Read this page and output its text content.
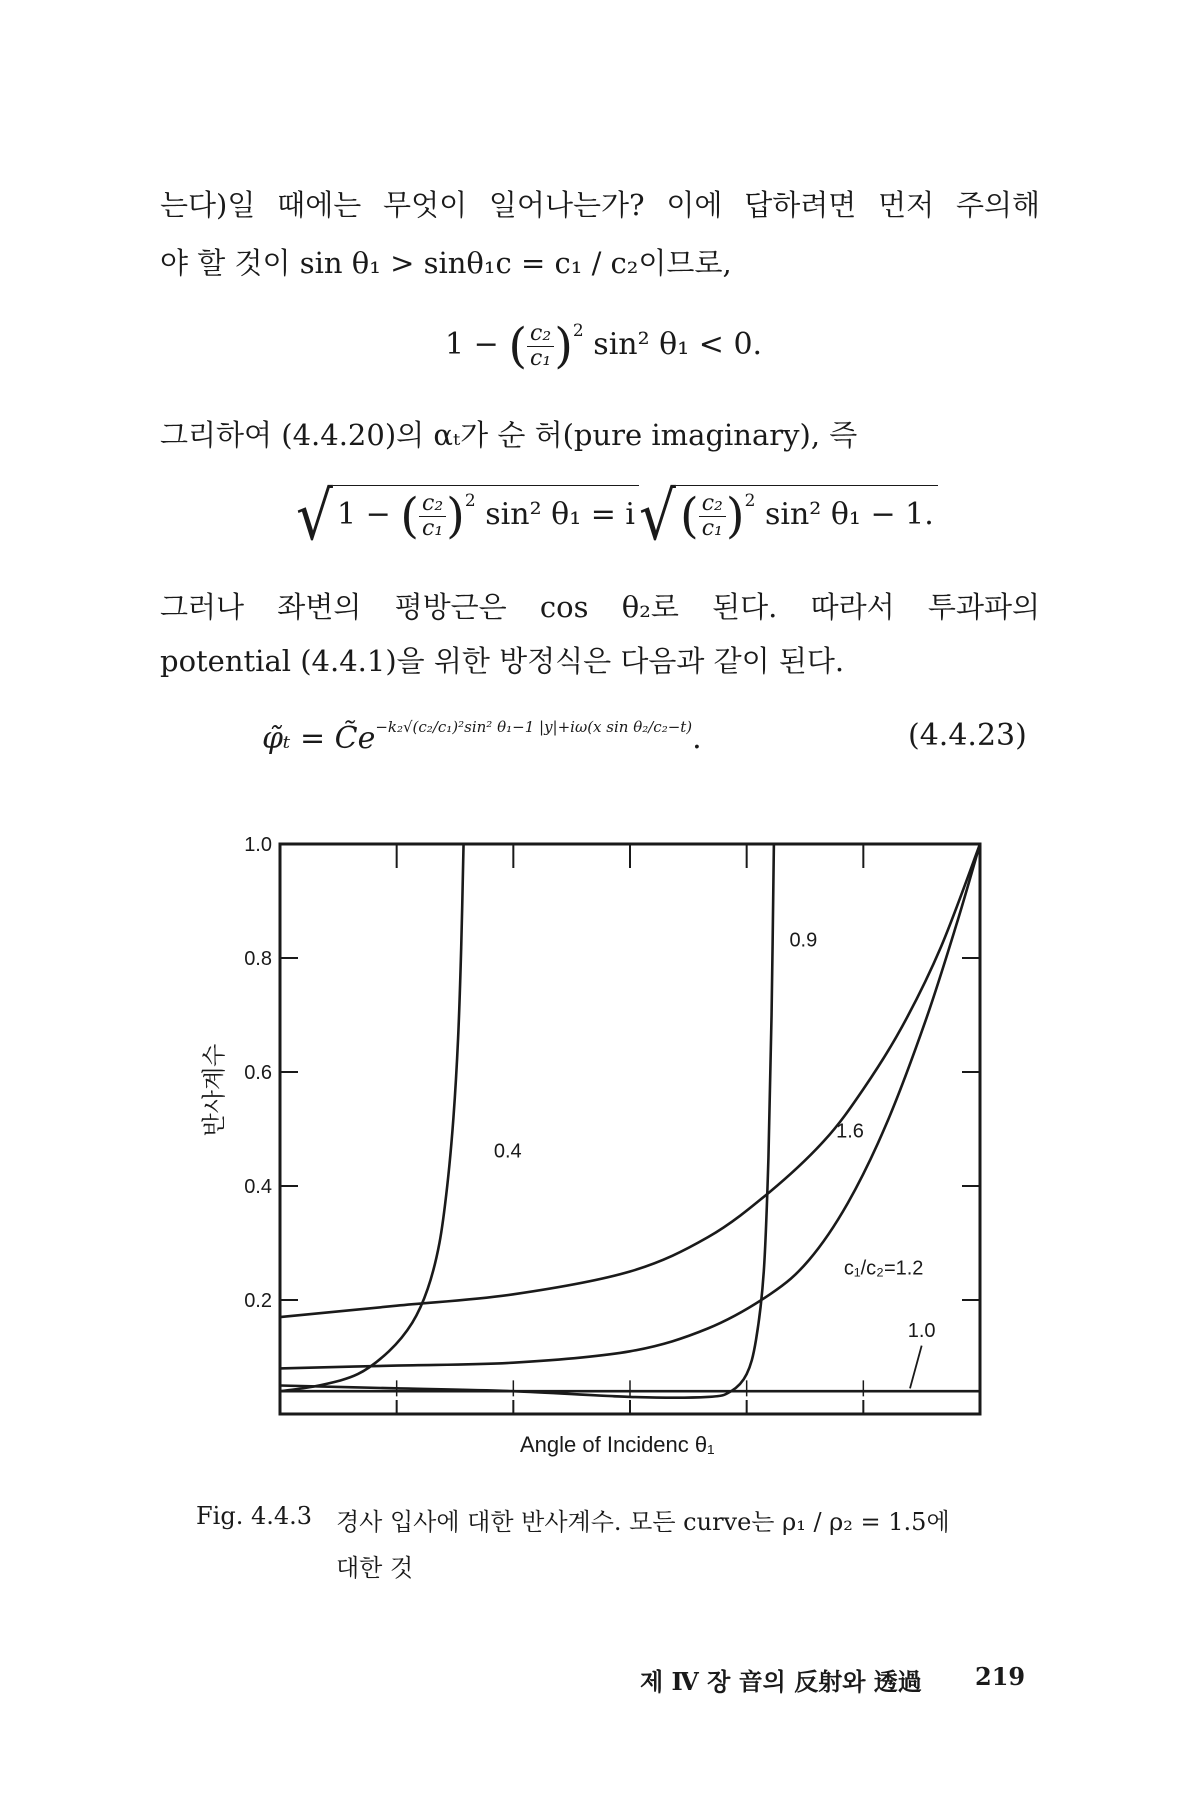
는다)일 때에는 무엇이 일어나는가? 이에 답하려면 먼저 주의해
야 할 것이 sin θ₁ > sinθ₁c = c₁ / c₂이므로,
1 − ( $\frac{\text{c₂}}{\text{c₁}} )^2$ sin² θ₁ < 0.
그리하여 (4.4.20)의 αₜ가 순 허(pure imaginary), 즉
√ 1 − ( $\frac{\text{c₂}}{\text{c₁}} )^2$ sin² $\theta_1 = i√( \frac{\text{c₂}}{\text{c₁}} )^2$ sin² θ₁ − 1.
그러나 좌변의 평방근은 cos θ₂로 된다. 따라서 투과파의
potential (4.4.1)을 위한 방정식은 다음과 같이 된다.
φ̃ₜ = $C̃e^{-k_2√(c_2/c_1)^2sin^2 \theta_1-1 |y|+i\omega(x sin \theta_2/c_2-t)}$.	(4.4.23)
반사계수
0.2
0.4
0.6
0.8
1.0
0.4
0.9
1.6
c₁/c₂=1.2
1.0
Angle of Incidenc θ₁
Fig. 4.4.3 경사 입사에 대한 반사계수. 모든 curve는 ρ₁ / ρ₂ = 1.5에
대한 것
제 Ⅳ 장 音의 反射와 透過 219
